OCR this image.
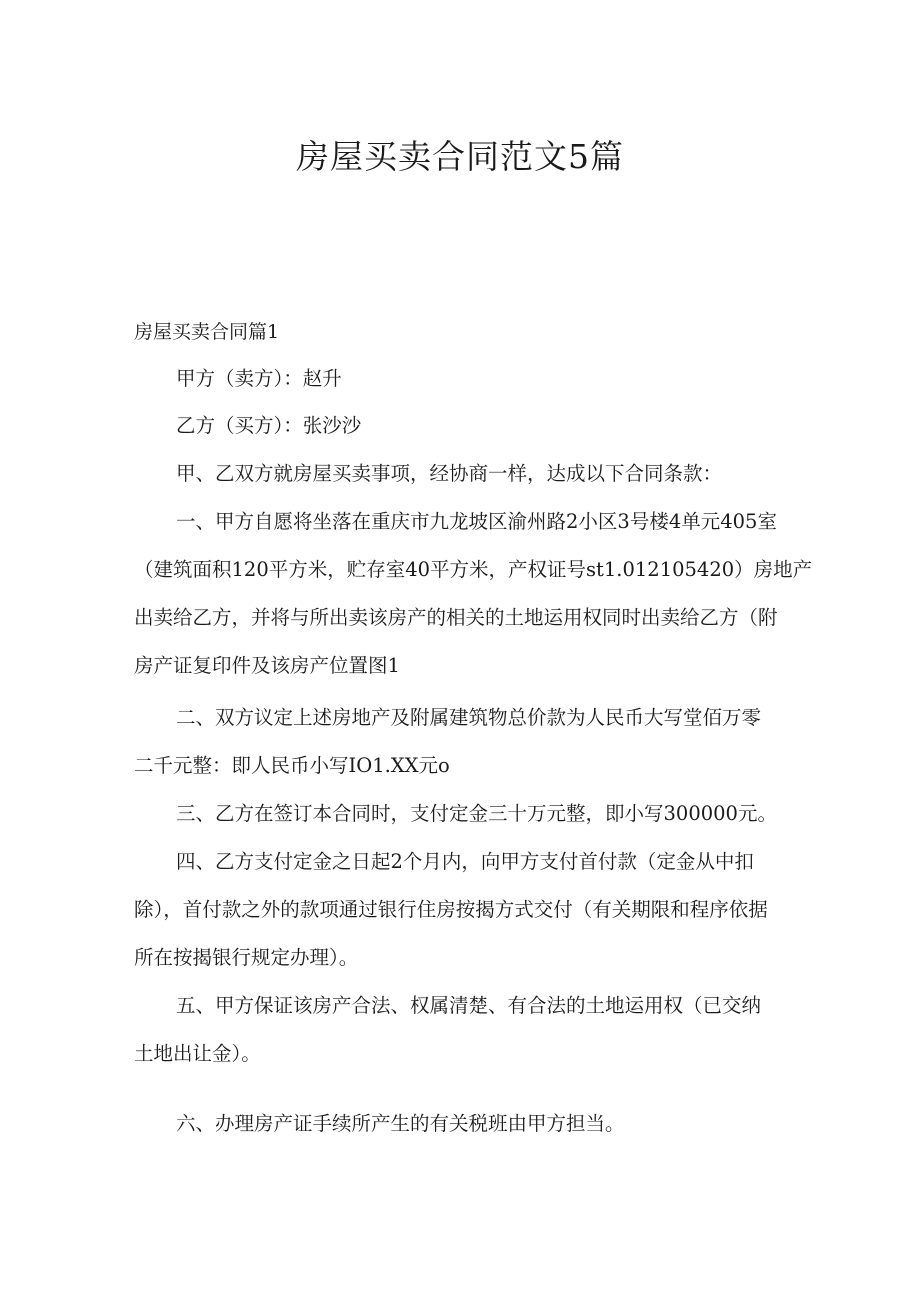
房屋买卖合同范文5篇
房屋买卖合同篇1
甲方（卖方）：赵升
乙方（买方）：张沙沙
甲、乙双方就房屋买卖事项，经协商一样，达成以下合同条款：
一、甲方自愿将坐落在重庆市九龙坡区渝州路2小区3号楼4单元405室
（建筑面积120平方米，贮存室40平方米，产权证号st1.012105420）房地产
出卖给乙方，并将与所出卖该房产的相关的土地运用权同时出卖给乙方（附
房产证复印件及该房产位置图1
二、双方议定上述房地产及附属建筑物总价款为人民币大写堂佰万零
二千元整：即人民币小写IO1.XX元o
三、乙方在签订本合同时，支付定金三十万元整，即小写300000元。
四、乙方支付定金之日起2个月内，向甲方支付首付款（定金从中扣
除），首付款之外的款项通过银行住房按揭方式交付（有关期限和程序依据
所在按揭银行规定办理）。
五、甲方保证该房产合法、权属清楚、有合法的土地运用权（已交纳
土地出让金）。
六、办理房产证手续所产生的有关税班由甲方担当。
